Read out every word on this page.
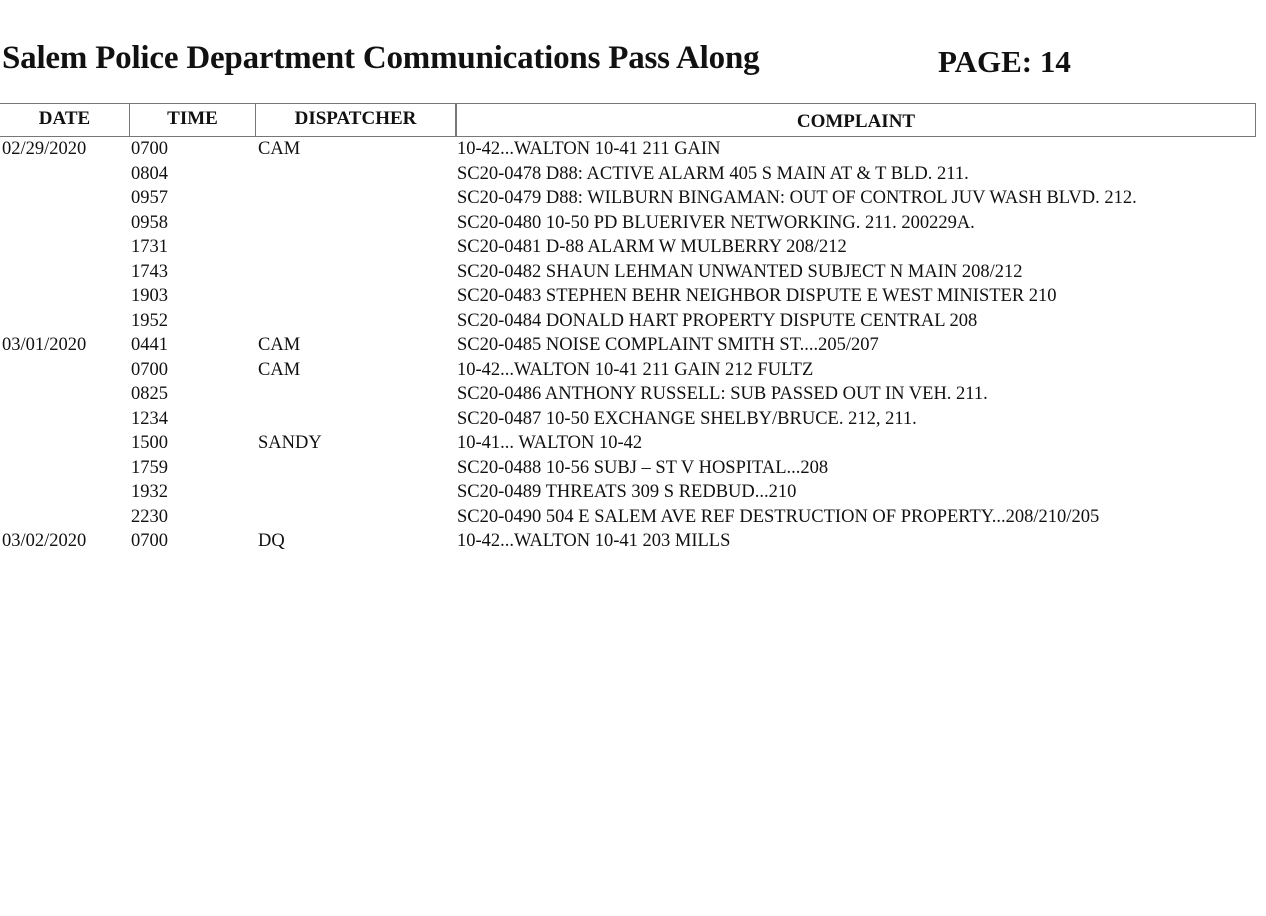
Salem Police Department Communications Pass Along	PAGE: 14
DATE	TIME	DISPATCHER	COMPLAINT
02/29/2020 0700	CAM	10-42...WALTON 10-41 211 GAIN
0804	SC20-0478 D88: ACTIVE ALARM 405 S MAIN AT & T BLD. 211.
0957	SC20-0479 D88: WILBURN BINGAMAN: OUT OF CONTROL JUV WASH BLVD. 212.
0958	SC20-0480 10-50 PD BLUERIVER NETWORKING. 211. 200229A.
1731	SC20-0481 D-88 ALARM W MULBERRY 208/212
1743	SC20-0482 SHAUN LEHMAN UNWANTED SUBJECT N MAIN 208/212
1903	SC20-0483 STEPHEN BEHR NEIGHBOR DISPUTE E WEST MINISTER 210
1952	SC20-0484 DONALD HART PROPERTY DISPUTE CENTRAL 208
03/01/2020 0441	CAM	SC20-0485 NOISE COMPLAINT SMITH ST....205/207
0700	CAM	10-42...WALTON 10-41 211 GAIN 212 FULTZ
0825	SC20-0486 ANTHONY RUSSELL: SUB PASSED OUT IN VEH. 211.
1234	SC20-0487 10-50 EXCHANGE SHELBY/BRUCE. 212, 211.
1500	SANDY	10-41... WALTON 10-42
1759	SC20-0488 10-56 SUBJ – ST V HOSPITAL...208
1932	SC20-0489 THREATS 309 S REDBUD...210
2230	SC20-0490 504 E SALEM AVE REF DESTRUCTION OF PROPERTY...208/210/205
03/02/2020 0700	DQ	10-42...WALTON 10-41 203 MILLS
